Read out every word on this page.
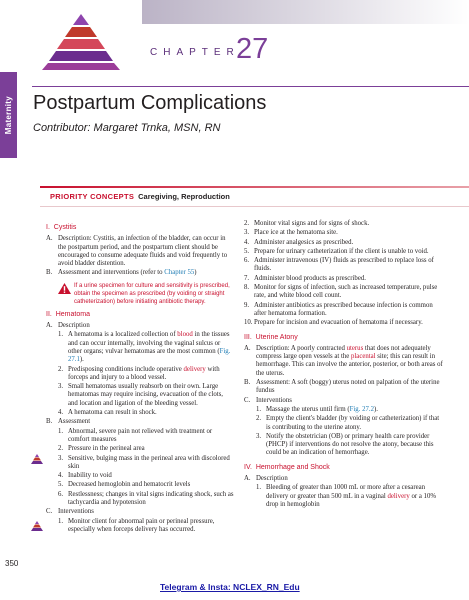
Maternity
CHAPTER
27
Postpartum Complications
Contributor: Margaret Trnka, MSN, RN
PRIORITY CONCEPTS Caregiving, Reproduction
I. Cystitis
A. Description: Cystitis, an infection of the bladder, can occur in the postpartum period, and the postpartum client should be encouraged to consume adequate fluids and void frequently to avoid bladder distention.
B. Assessment and interventions (refer to Chapter 55)
If a urine specimen for culture and sensitivity is prescribed, obtain the specimen as prescribed (by voiding or straight catheterization) before initiating antibiotic therapy.
II. Hematoma
A. Description
1. A hematoma is a localized collection of blood in the tissues and can occur internally, involving the vaginal sulcus or other organs; vulvar hematomas are the most common (Fig. 27.1).
2. Predisposing conditions include operative delivery with forceps and injury to a blood vessel.
3. Small hematomas usually reabsorb on their own. Large hematomas may require incising, evacuation of the clots, and location and ligation of the bleeding vessel.
4. A hematoma can result in shock.
B. Assessment
1. Abnormal, severe pain not relieved with treatment or comfort measures
2. Pressure in the perineal area
3. Sensitive, bulging mass in the perineal area with discolored skin
4. Inability to void
5. Decreased hemoglobin and hematocrit levels
6. Restlessness; changes in vital signs indicating shock, such as tachycardia and hypotension
C. Interventions
1. Monitor client for abnormal pain or perineal pressure, especially when forceps delivery has occurred.
2. Monitor vital signs and for signs of shock.
3. Place ice at the hematoma site.
4. Administer analgesics as prescribed.
5. Prepare for urinary catheterization if the client is unable to void.
6. Administer intravenous (IV) fluids as prescribed to replace loss of fluids.
7. Administer blood products as prescribed.
8. Monitor for signs of infection, such as increased temperature, pulse rate, and white blood cell count.
9. Administer antibiotics as prescribed because infection is common after hematoma formation.
10. Prepare for incision and evacuation of hematoma if necessary.
III. Uterine Atony
A. Description: A poorly contracted uterus that does not adequately compress large open vessels at the placental site; this can result in hemorrhage. This can involve the anterior, posterior, or both areas of the uterus.
B. Assessment: A soft (boggy) uterus noted on palpation of the uterine fundus
C. Interventions
1. Massage the uterus until firm (Fig. 27.2).
2. Empty the client's bladder (by voiding or catheterization) if that is contributing to the uterine atony.
3. Notify the obstetrician (OB) or primary health care provider (PHCP) if interventions do not resolve the atony, because this could be an indication of hemorrhage.
IV. Hemorrhage and Shock
A. Description
1. Bleeding of greater than 1000 mL or more after a cesarean delivery or greater than 500 mL in a vaginal delivery or a 10% drop in hemoglobin
350
Telegram & Insta: NCLEX_RN_Edu
